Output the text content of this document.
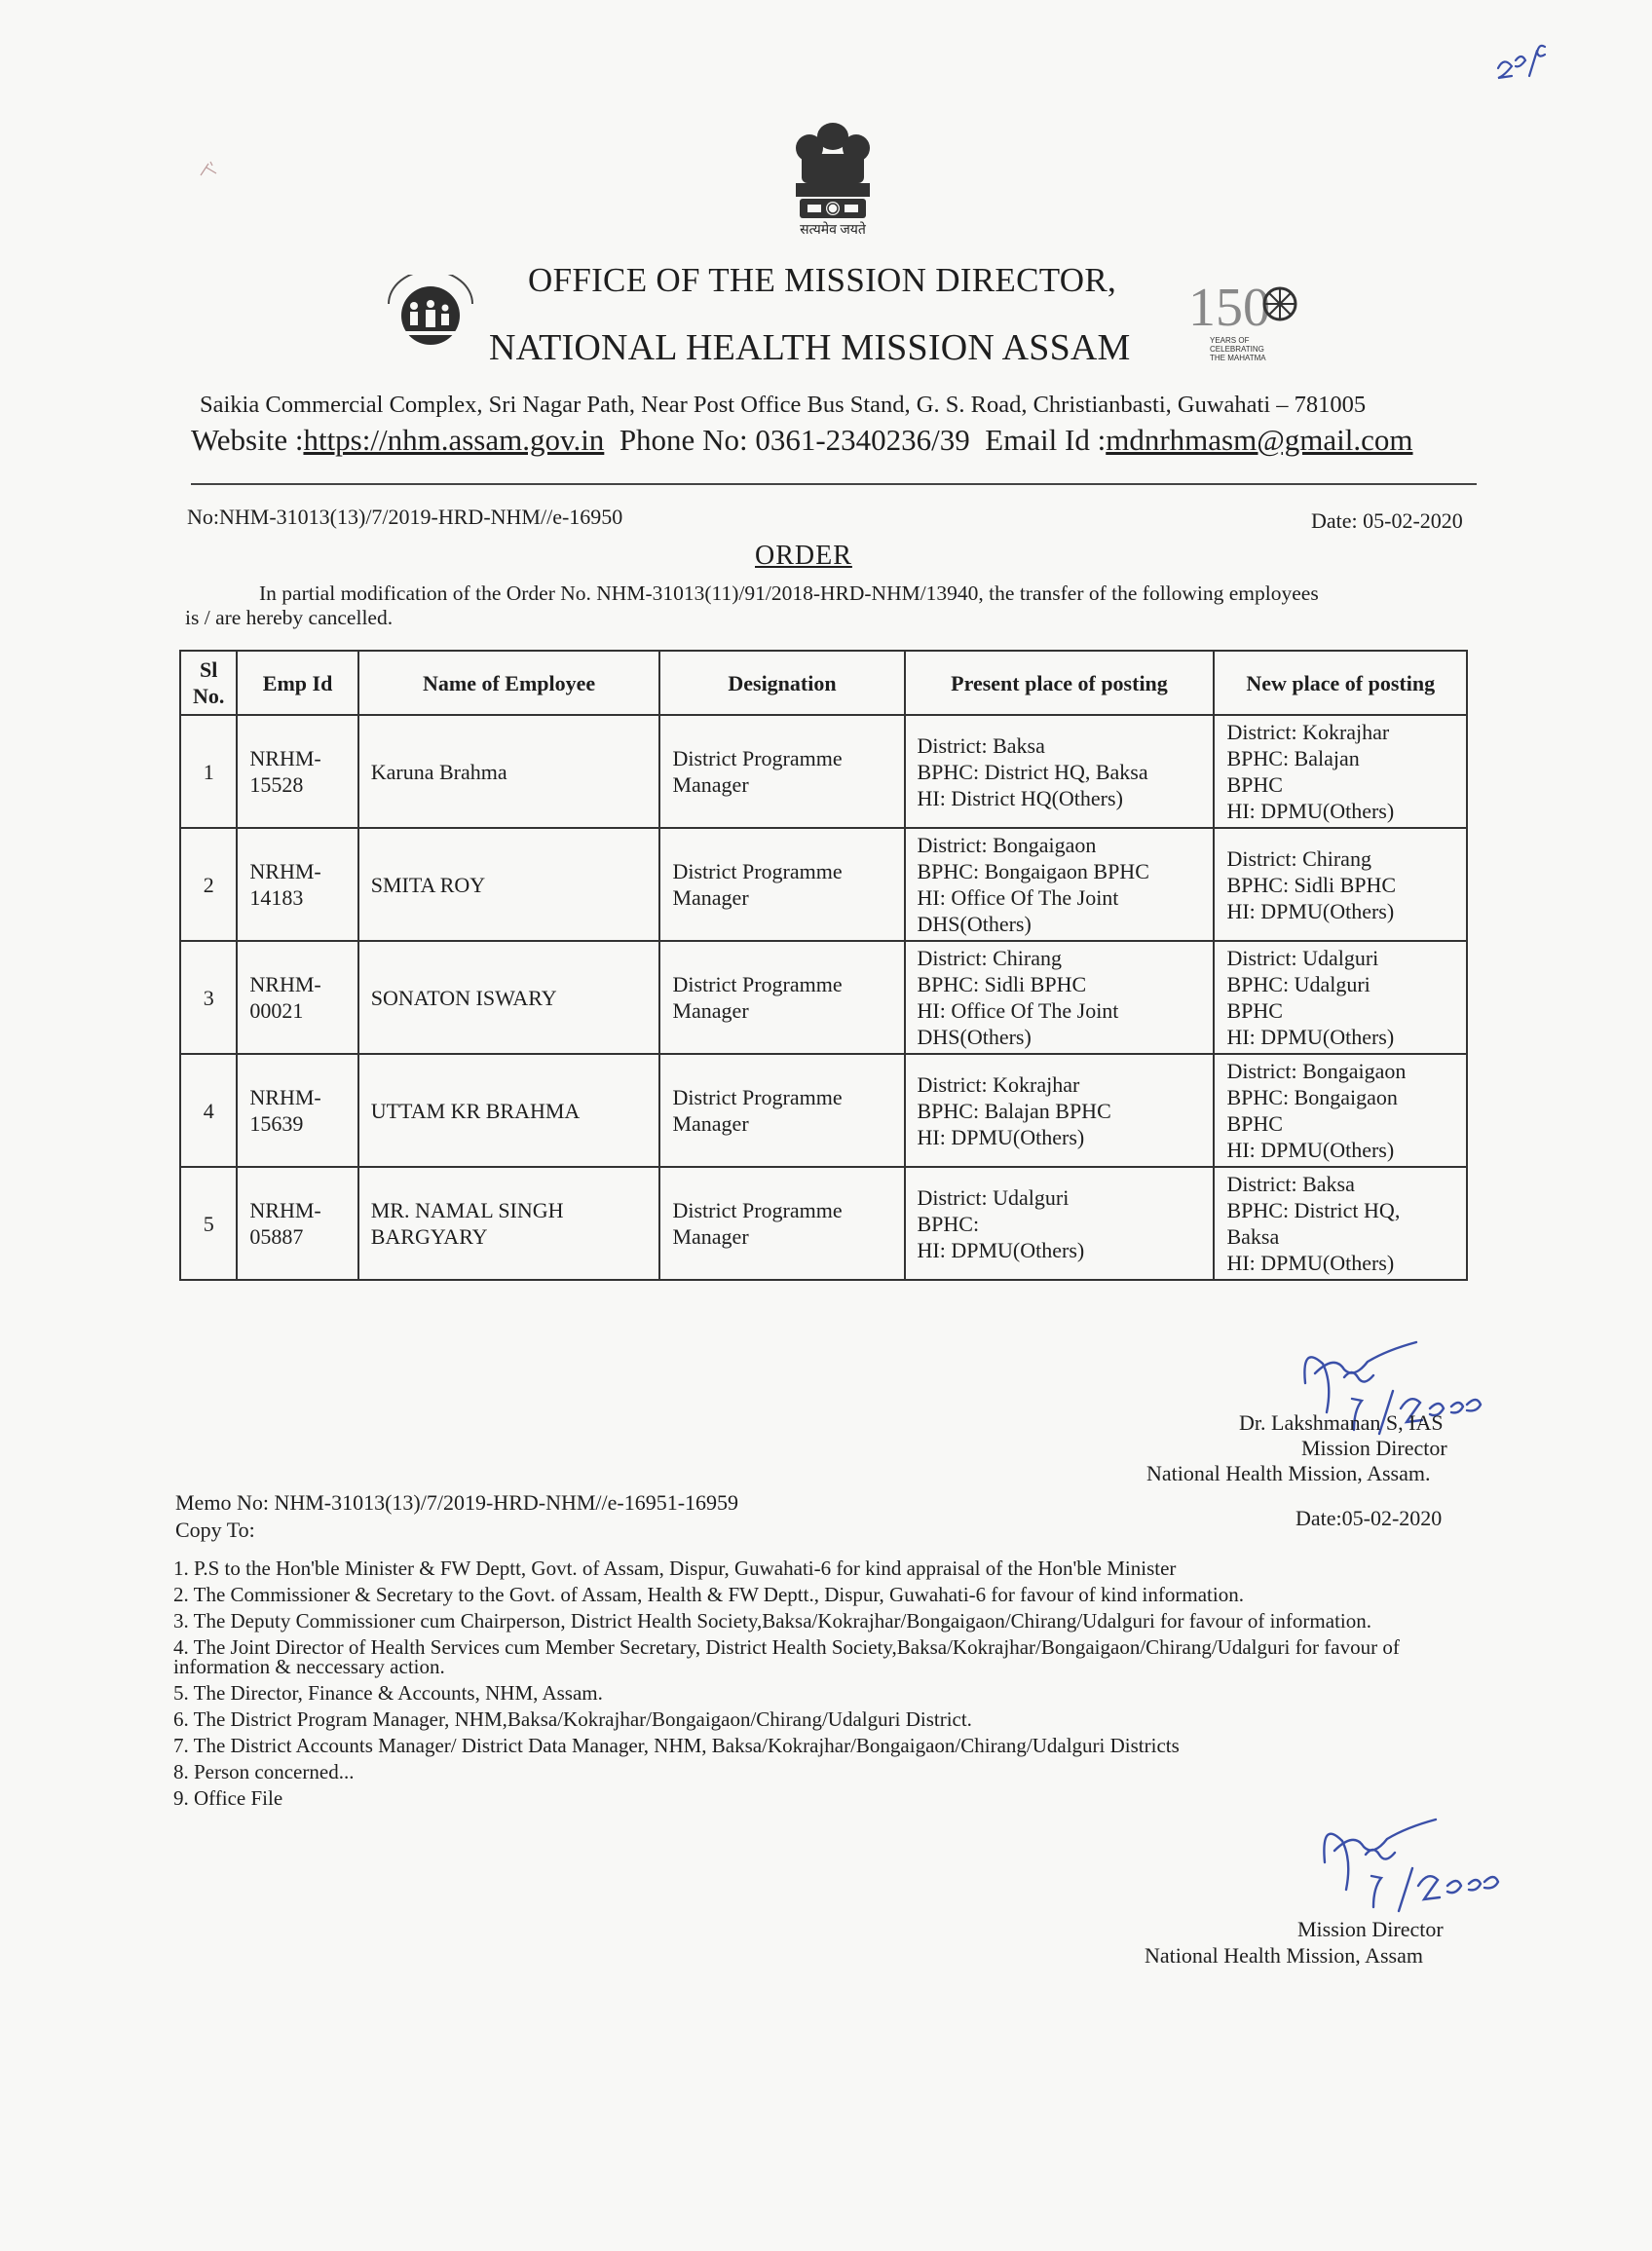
सत्यमेव जयते
OFFICE OF THE MISSION DIRECTOR,
NATIONAL HEALTH MISSION ASSAM
150
YEARS OF
CELEBRATING
THE MAHATMA
Saikia Commercial Complex, Sri Nagar Path, Near Post Office Bus Stand, G. S. Road, Christianbasti, Guwahati – 781005
Website :https://nhm.assam.gov.in Phone No: 0361-2340236/39 Email Id :mdnrhmasm@gmail.com
No:NHM-31013(13)/7/2019-HRD-NHM//e-16950	Date: 05-02-2020
ORDER
In partial modification of the Order No. NHM-31013(11)/91/2018-HRD-NHM/13940, the transfer of the following employees
is / are hereby cancelled.
Sl
No.	Emp Id	Name of Employee	Designation	Present place of posting	New place of posting
1	NRHM-
15528	Karuna Brahma	District Programme
Manager	District: Baksa
BPHC: District HQ, Baksa
HI: District HQ(Others)	District: Kokrajhar
BPHC: Balajan
BPHC
HI: DPMU(Others)

2	NRHM-
14183	SMITA ROY	District Programme
Manager	District: Bongaigaon
BPHC: Bongaigaon BPHC
HI: Office Of The Joint
DHS(Others)	District: Chirang
BPHC: Sidli BPHC
HI: DPMU(Others)

3	NRHM-
00021	SONATON ISWARY	District Programme
Manager	District: Chirang
BPHC: Sidli BPHC
HI: Office Of The Joint
DHS(Others)	District: Udalguri
BPHC: Udalguri
BPHC
HI: DPMU(Others)

4	NRHM-
15639	UTTAM KR BRAHMA	District Programme
Manager	District: Kokrajhar
BPHC: Balajan BPHC
HI: DPMU(Others)	District: Bongaigaon
BPHC: Bongaigaon
BPHC
HI: DPMU(Others)

5	NRHM-
05887	MR. NAMAL SINGH
BARGYARY	District Programme
Manager	District: Udalguri
BPHC:
HI: DPMU(Others)	District: Baksa
BPHC: District HQ,
Baksa
HI: DPMU(Others)
Dr. Lakshmanan S, IAS
Mission Director
National Health Mission, Assam.
Memo No: NHM-31013(13)/7/2019-HRD-NHM//e-16951-16959
Date:05-02-2020
Copy To:
1. P.S to the Hon'ble Minister & FW Deptt, Govt. of Assam, Dispur, Guwahati-6 for kind appraisal of the Hon'ble Minister
2. The Commissioner & Secretary to the Govt. of Assam, Health & FW Deptt., Dispur, Guwahati-6 for favour of kind information.
3. The Deputy Commissioner cum Chairperson, District Health Society,Baksa/Kokrajhar/Bongaigaon/Chirang/Udalguri for favour of information.
4. The Joint Director of Health Services cum Member Secretary, District Health Society,Baksa/Kokrajhar/Bongaigaon/Chirang/Udalguri for favour of information & neccessary action.
5. The Director, Finance & Accounts, NHM, Assam.
6. The District Program Manager, NHM,Baksa/Kokrajhar/Bongaigaon/Chirang/Udalguri District.
7. The District Accounts Manager/ District Data Manager, NHM, Baksa/Kokrajhar/Bongaigaon/Chirang/Udalguri Districts
8. Person concerned...
9. Office File
Mission Director
National Health Mission, Assam
